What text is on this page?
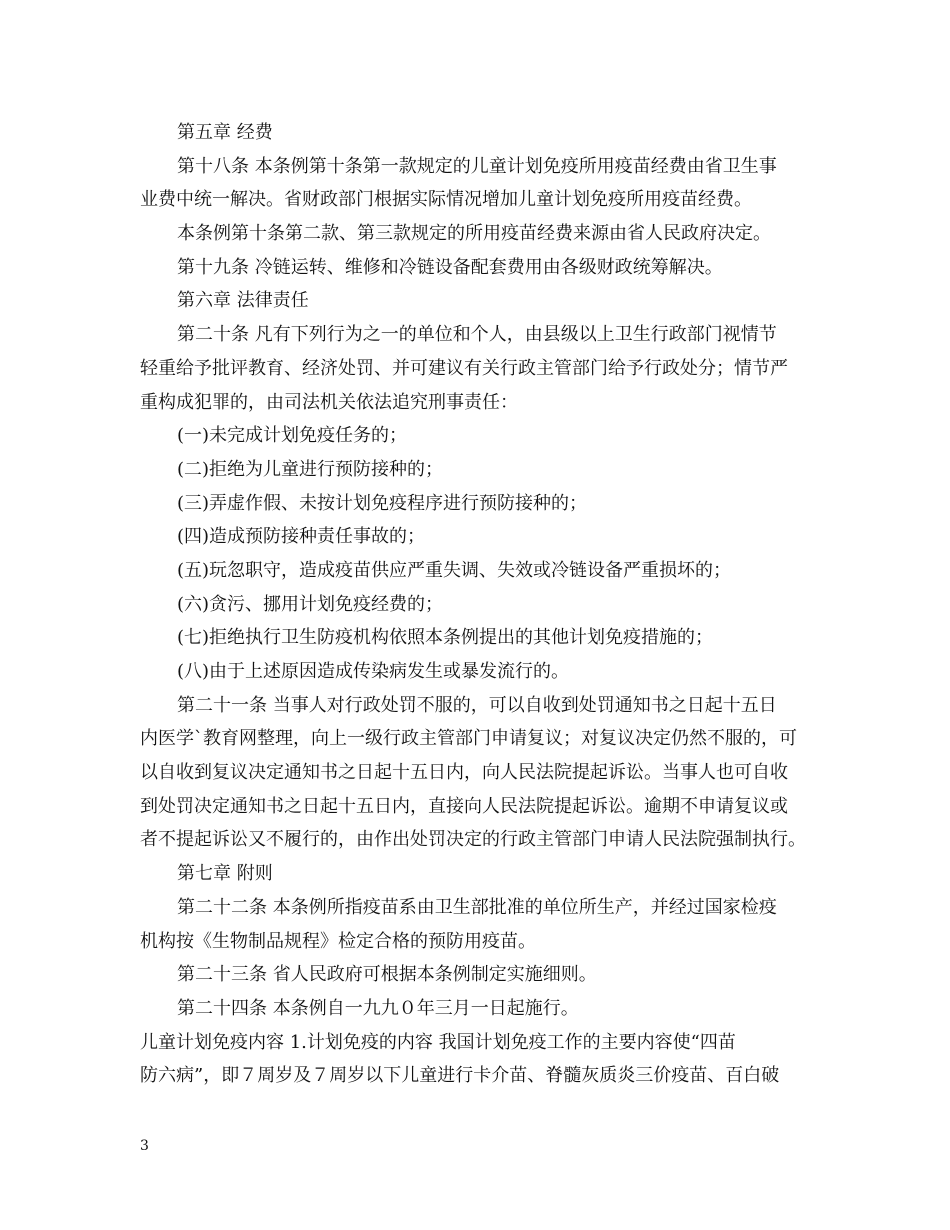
第五章 经费
第十八条 本条例第十条第一款规定的儿童计划免疫所用疫苗经费由省卫生事
业费中统一解决。省财政部门根据实际情况增加儿童计划免疫所用疫苗经费。
本条例第十条第二款、第三款规定的所用疫苗经费来源由省人民政府决定。
第十九条 冷链运转、维修和冷链设备配套费用由各级财政统筹解决。
第六章 法律责任
第二十条 凡有下列行为之一的单位和个人，由县级以上卫生行政部门视情节
轻重给予批评教育、经济处罚、并可建议有关行政主管部门给予行政处分；情节严
重构成犯罪的，由司法机关依法追究刑事责任：
(一)未完成计划免疫任务的；
(二)拒绝为儿童进行预防接种的；
(三)弄虚作假、未按计划免疫程序进行预防接种的；
(四)造成预防接种责任事故的；
(五)玩忽职守，造成疫苗供应严重失调、失效或冷链设备严重损坏的；
(六)贪污、挪用计划免疫经费的；
(七)拒绝执行卫生防疫机构依照本条例提出的其他计划免疫措施的；
(八)由于上述原因造成传染病发生或暴发流行的。
第二十一条 当事人对行政处罚不服的，可以自收到处罚通知书之日起十五日
内医学`教育网整理，向上一级行政主管部门申请复议；对复议决定仍然不服的，可
以自收到复议决定通知书之日起十五日内，向人民法院提起诉讼。当事人也可自收
到处罚决定通知书之日起十五日内，直接向人民法院提起诉讼。逾期不申请复议或
者不提起诉讼又不履行的，由作出处罚决定的行政主管部门申请人民法院强制执行。
第七章 附则
第二十二条 本条例所指疫苗系由卫生部批准的单位所生产，并经过国家检疫
机构按《生物制品规程》检定合格的预防用疫苗。
第二十三条 省人民政府可根据本条例制定实施细则。
第二十四条 本条例自一九九０年三月一日起施行。
儿童计划免疫内容 1.计划免疫的内容 我国计划免疫工作的主要内容使“四苗
防六病”，即７周岁及７周岁以下儿童进行卡介苗、脊髓灰质炎三价疫苗、百白破
3
